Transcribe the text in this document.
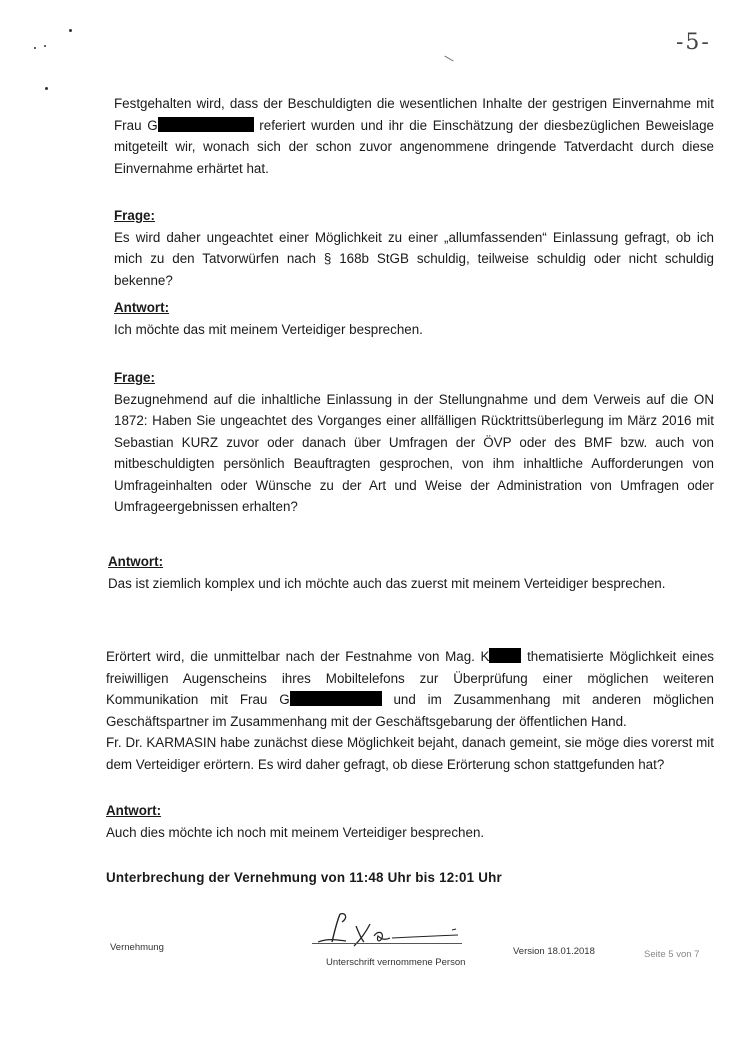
-5-
Festgehalten wird, dass der Beschuldigten die wesentlichen Inhalte der gestrigen Einvernahme mit Frau G	referiert wurden und ihr die Einschätzung der diesbezüglichen Beweislage mitgeteilt wir, wonach sich der schon zuvor angenommene dringende Tatverdacht durch diese Einvernahme erhärtet hat.
Frage:
Es wird daher ungeachtet einer Möglichkeit zu einer „allumfassenden“ Einlassung gefragt, ob ich mich zu den Tatvorwürfen nach § 168b StGB schuldig, teilweise schuldig oder nicht schuldig bekenne?
Antwort:
Ich möchte das mit meinem Verteidiger besprechen.
Frage:
Bezugnehmend auf die inhaltliche Einlassung in der Stellungnahme und dem Verweis auf die ON 1872: Haben Sie ungeachtet des Vorganges einer allfälligen Rücktrittsüberlegung im März 2016 mit Sebastian KURZ zuvor oder danach über Umfragen der ÖVP oder des BMF bzw. auch von mitbeschuldigten persönlich Beauftragten gesprochen, von ihm inhaltliche Aufforderungen von Umfrageinhalten oder Wünsche zu der Art und Weise der Administration von Umfragen oder Umfrageergebnissen erhalten?
Antwort:
Das ist ziemlich komplex und ich möchte auch das zuerst mit meinem Verteidiger besprechen.
Erörtert wird, die unmittelbar nach der Festnahme von Mag. K thematisierte Möglichkeit eines freiwilligen Augenscheins ihres Mobiltelefons zur Überprüfung einer möglichen weiteren Kommunikation mit Frau G	und im Zusammenhang mit anderen möglichen Geschäftspartner im Zusammenhang mit der Geschäftsgebarung der öffentlichen Hand.
Fr. Dr. KARMASIN habe zunächst diese Möglichkeit bejaht, danach gemeint, sie möge dies vorerst mit dem Verteidiger erörtern. Es wird daher gefragt, ob diese Erörterung schon stattgefunden hat?
Antwort:
Auch dies möchte ich noch mit meinem Verteidiger besprechen.
Unterbrechung der Vernehmung von 11:48 Uhr bis 12:01 Uhr
Vernehmung
Unterschrift vernommene Person
Version 18.01.2018	Seite 5 von 7
